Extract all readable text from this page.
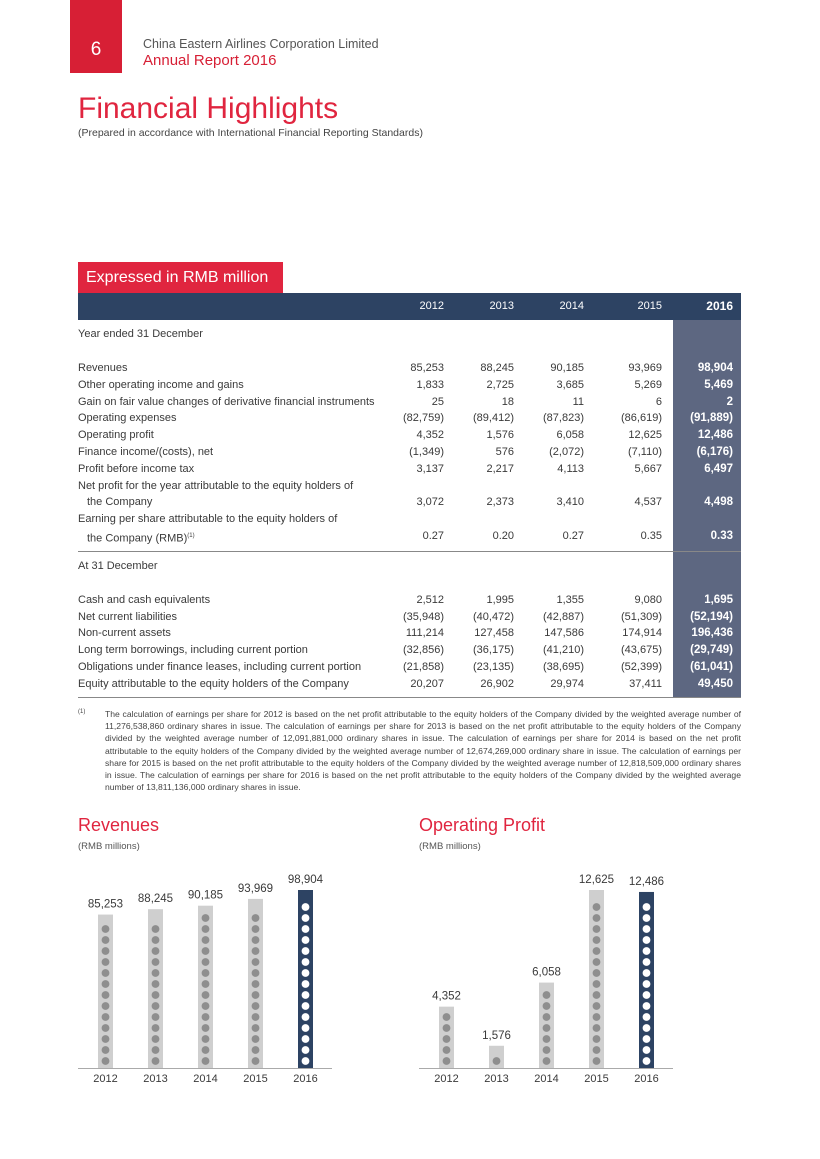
6	China Eastern Airlines Corporation Limited
Annual Report 2016
Financial Highlights
(Prepared in accordance with International Financial Reporting Standards)
Expressed in RMB million
2012	2013	2014	2015	2016
Year ended 31 December
Revenues	85,253	88,245	90,185	93,969	98,904
Other operating income and gains	1,833	2,725	3,685	5,269	5,469
Gain on fair value changes of derivative financial instruments	25	18	11	6	2
Operating expenses	(82,759)	(89,412)	(87,823)	(86,619)	(91,889)
Operating profit	4,352	1,576	6,058	12,625	12,486
Finance income/(costs), net	(1,349)	576	(2,072)	(7,110)	(6,176)
Profit before income tax	3,137	2,217	4,113	5,667	6,497
Net profit for the year attributable to the equity holders of
the Company	3,072	2,373	3,410	4,537	4,498
Earning per share attributable to the equity holders of
the Company (RMB)$^{(1)}$	0.27	0.20	0.27	0.35	0.33
At 31 December
Cash and cash equivalents	2,512	1,995	1,355	9,080	1,695
Net current liabilities	(35,948)	(40,472)	(42,887)	(51,309)	(52,194)
Non-current assets	111,214	127,458	147,586	174,914	196,436
Long term borrowings, including current portion	(32,856)	(36,175)	(41,210)	(43,675)	(29,749)
Obligations under finance leases, including current portion	(21,858)	(23,135)	(38,695)	(52,399)	(61,041)
Equity attributable to the equity holders of the Company	20,207	26,902	29,974	37,411	49,450
(1) The calculation of earnings per share for 2012 is based on the net profit attributable to the equity holders of the Company divided by the weighted average number of 11,276,538,860 ordinary shares in issue. The calculation of earnings per share for 2013 is based on the net profit attributable to the equity holders of the Company divided by the weighted average number of 12,091,881,000 ordinary shares in issue. The calculation of earnings per share for 2014 is based on the net profit attributable to the equity holders of the Company divided by the weighted average number of 12,674,269,000 ordinary share in issue. The calculation of earnings per share for 2015 is based on the net profit attributable to the equity holders of the Company divided by the weighted average number of 12,818,509,000 ordinary shares in issue. The calculation of earnings per share for 2016 is based on the net profit attributable to the equity holders of the Company divided by the weighted average number of 13,811,136,000 ordinary shares in issue.
Revenues
(RMB millions)
85,253
2012
88,245
2013
90,185
2014
93,969
2015
98,904
2016
Operating Profit
(RMB millions)
4,352
2012
1,576
2013
6,058
2014
12,625
2015
12,486
2016
